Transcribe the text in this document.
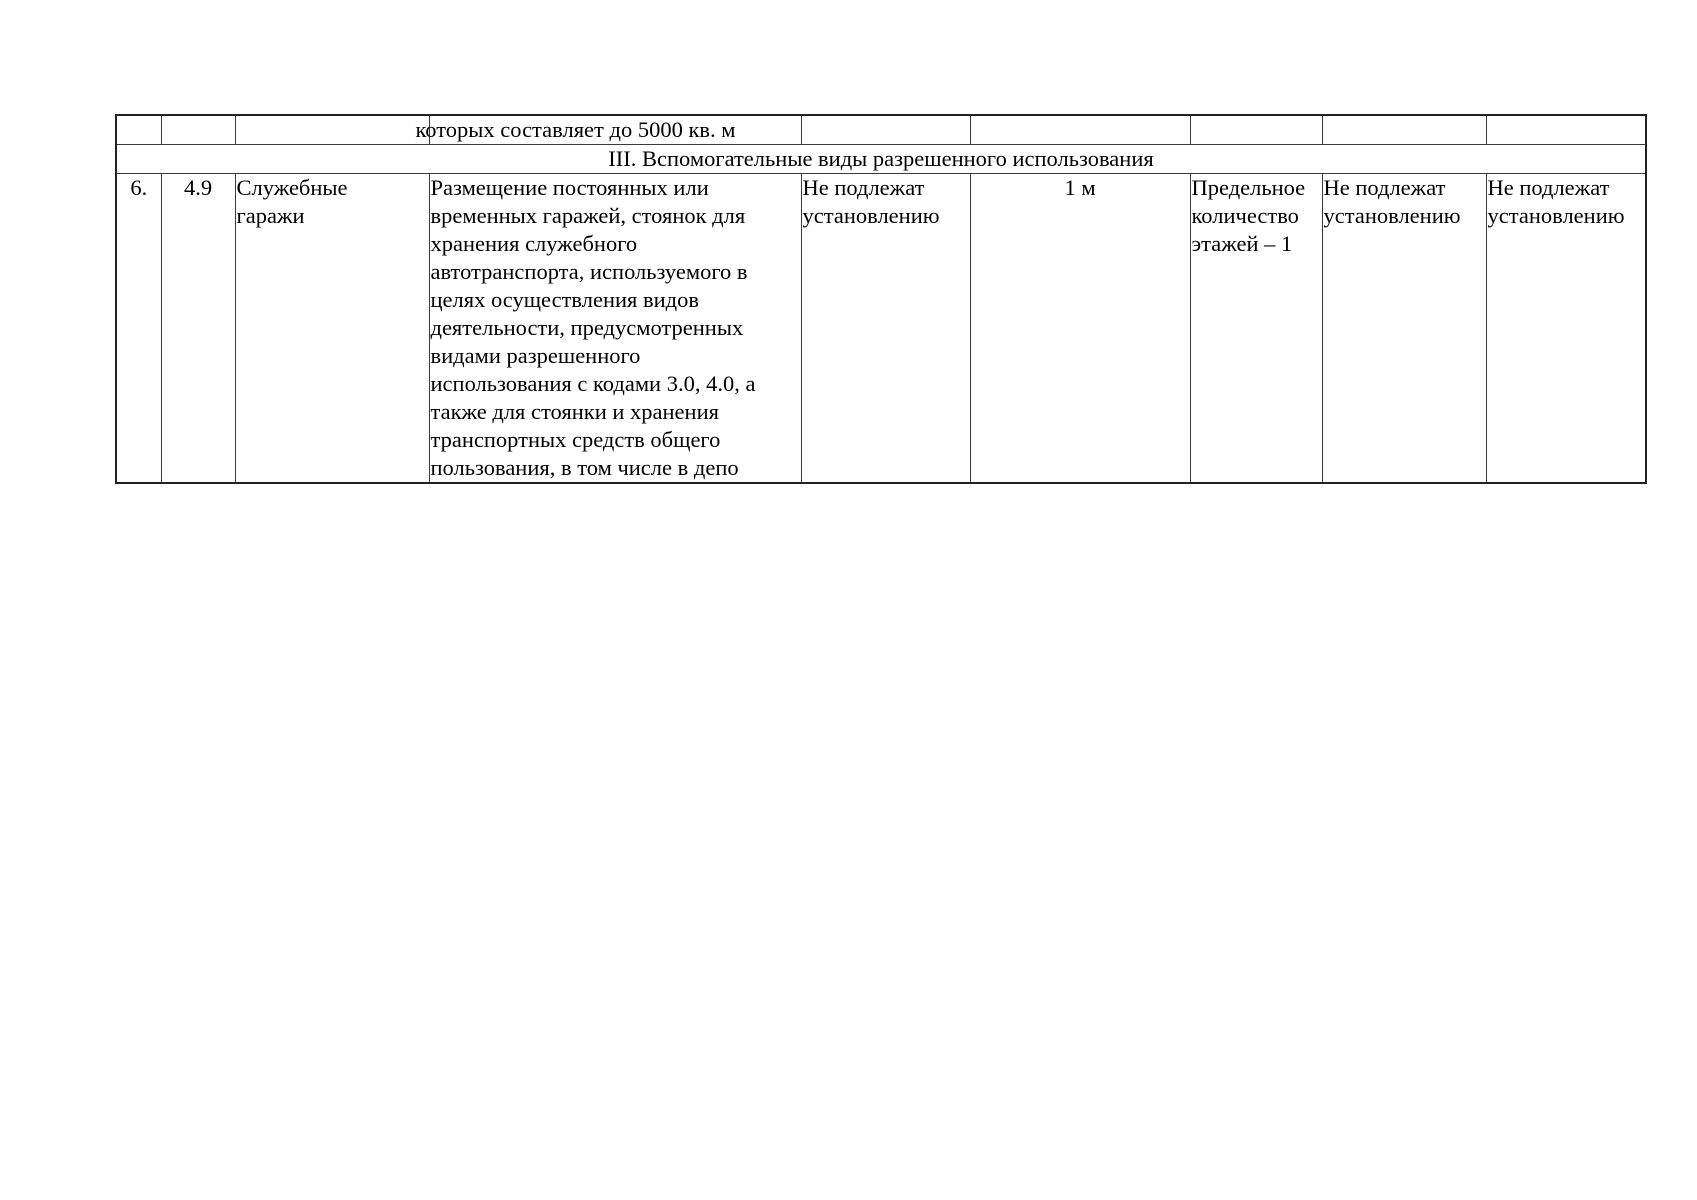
			которых составляет до 5000 кв. м					
III. Вспомогательные виды разрешенного использования
6.	4.9	Служебные гаражи	Размещение постоянных или временных гаражей, стоянок для хранения служебного автотранспорта, используемого в целях осуществления видов деятельности, предусмотренных видами разрешенного использования с кодами 3.0, 4.0, а также для стоянки и хранения транспортных средств общего пользования, в том числе в депо	Не подлежат установлению	1 м	Предельное количество этажей – 1	Не подлежат установлению	Не подлежат установлению
